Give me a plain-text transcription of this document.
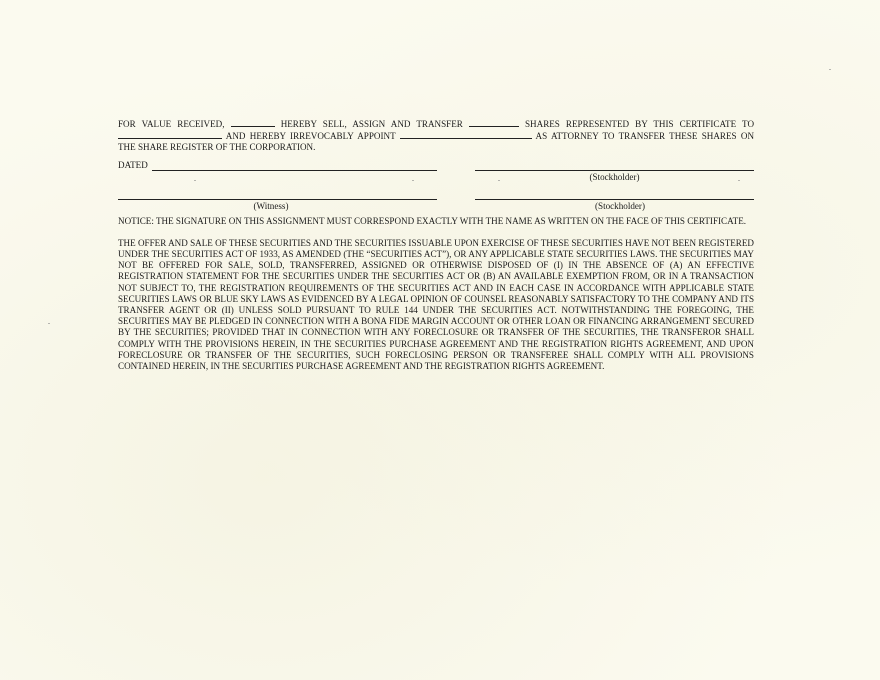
FOR VALUE RECEIVED,	HEREBY SELL, ASSIGN AND TRANSFER	SHARES REPRESENTED BY THIS CERTIFICATE TO
AND HEREBY IRREVOCABLY APPOINT	AS ATTORNEY TO TRANSFER THESE SHARES ON
THE SHARE REGISTER OF THE CORPORATION.
DATED
(Stockholder)
(Witness)	(Stockholder)
NOTICE: THE SIGNATURE ON THIS ASSIGNMENT MUST CORRESPOND EXACTLY WITH THE NAME AS WRITTEN ON THE FACE OF THIS CERTIFICATE.
THE OFFER AND SALE OF THESE SECURITIES AND THE SECURITIES ISSUABLE UPON EXERCISE OF THESE SECURITIES HAVE NOT BEEN REGISTERED UNDER THE SECURITIES ACT OF 1933, AS AMENDED (THE “SECURITIES ACT”), OR ANY APPLICABLE STATE SECURITIES LAWS. THE SECURITIES MAY NOT BE OFFERED FOR SALE, SOLD, TRANSFERRED, ASSIGNED OR OTHERWISE DISPOSED OF (I) IN THE ABSENCE OF (A) AN EFFECTIVE REGISTRATION STATEMENT FOR THE SECURITIES UNDER THE SECURITIES ACT OR (B) AN AVAILABLE EXEMPTION FROM, OR IN A TRANSACTION NOT SUBJECT TO, THE REGISTRATION REQUIREMENTS OF THE SECURITIES ACT AND IN EACH CASE IN ACCORDANCE WITH APPLICABLE STATE SECURITIES LAWS OR BLUE SKY LAWS AS EVIDENCED BY A LEGAL OPINION OF COUNSEL REASONABLY SATISFACTORY TO THE COMPANY AND ITS TRANSFER AGENT OR (II) UNLESS SOLD PURSUANT TO RULE 144 UNDER THE SECURITIES ACT. NOTWITHSTANDING THE FOREGOING, THE SECURITIES MAY BE PLEDGED IN CONNECTION WITH A BONA FIDE MARGIN ACCOUNT OR OTHER LOAN OR FINANCING ARRANGEMENT SECURED BY THE SECURITIES; PROVIDED THAT IN CONNECTION WITH ANY FORECLOSURE OR TRANSFER OF THE SECURITIES, THE TRANSFEROR SHALL COMPLY WITH THE PROVISIONS HEREIN, IN THE SECURITIES PURCHASE AGREEMENT AND THE REGISTRATION RIGHTS AGREEMENT, AND UPON FORECLOSURE OR TRANSFER OF THE SECURITIES, SUCH FORECLOSING PERSON OR TRANSFEREE SHALL COMPLY WITH ALL PROVISIONS CONTAINED HEREIN, IN THE SECURITIES PURCHASE AGREEMENT AND THE REGISTRATION RIGHTS AGREEMENT.
